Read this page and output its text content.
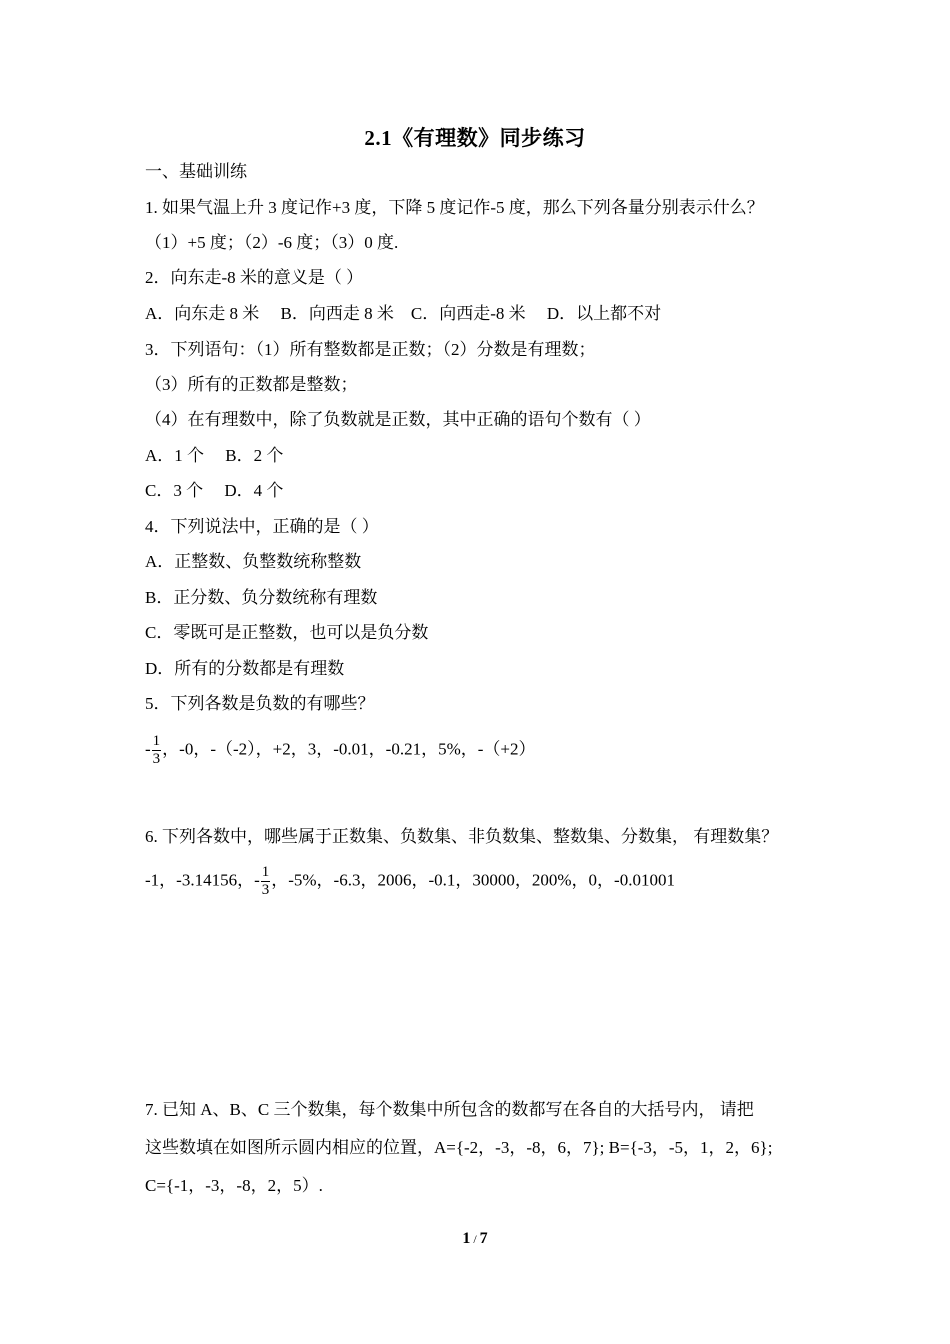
2.1《有理数》同步练习
一、基础训练
1. 如果气温上升 3 度记作+3 度，下降 5 度记作-5 度，那么下列各量分别表示什么？
（1）+5 度；（2）-6 度；（3）0 度.
2．向东走-8 米的意义是（ ）
A．向东走 8 米　 B．向西走 8 米　C．向西走-8 米　 D．以上都不对
3．下列语句：（1）所有整数都是正数；（2）分数是有理数；
（3）所有的正数都是整数；
（4）在有理数中，除了负数就是正数，其中正确的语句个数有（ ）
A．1 个　 B．2 个
C．3 个　 D．4 个
4．下列说法中，正确的是（ ）
A．正整数、负整数统称整数
B．正分数、负分数统称有理数
C．零既可是正整数，也可以是负分数
D．所有的分数都是有理数
5．下列各数是负数的有哪些？
- $\frac{1}{3}$ ，-0，-（-2），+2，3，-0.01，-0.21，5%，-（+2）
6. 下列各数中，哪些属于正数集、负数集、非负数集、整数集、分数集， 有理数集？
-1，-3.14156，- $\frac{1}{3}$ ，-5%，-6.3，2006，-0.1，30000，200%，0，-0.01001
7. 已知 A、B、C 三个数集，每个数集中所包含的数都写在各自的大括号内， 请把
这些数填在如图所示圆内相应的位置，A={-2，-3，-8，6，7}; B={-3，-5，1，2，6};
C={-1，-3，-8，2，5）.
1 / 7
